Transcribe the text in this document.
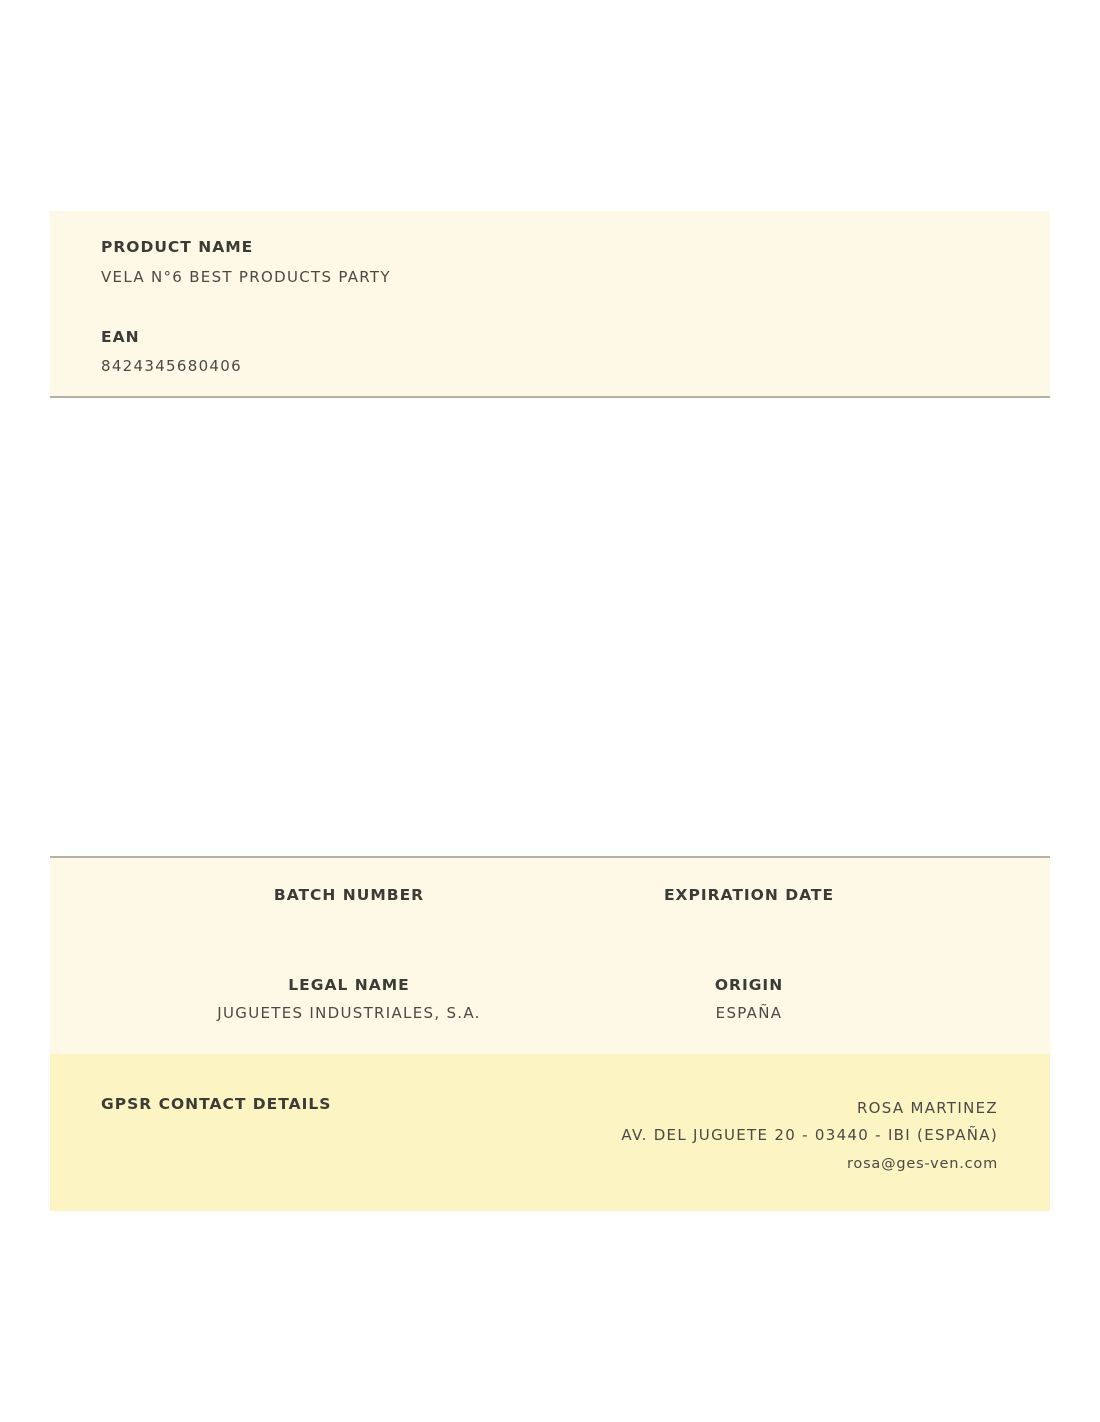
PRODUCT NAME
VELA N°6 BEST PRODUCTS PARTY
EAN
8424345680406
BATCH NUMBER	EXPIRATION DATE
LEGAL NAME
JUGUETES INDUSTRIALES, S.A.
ORIGIN
ESPAÑA
GPSR CONTACT DETAILS	ROSA MARTINEZ
AV. DEL JUGUETE 20 - 03440 - IBI (ESPAÑA)
rosa@ges-ven.com
